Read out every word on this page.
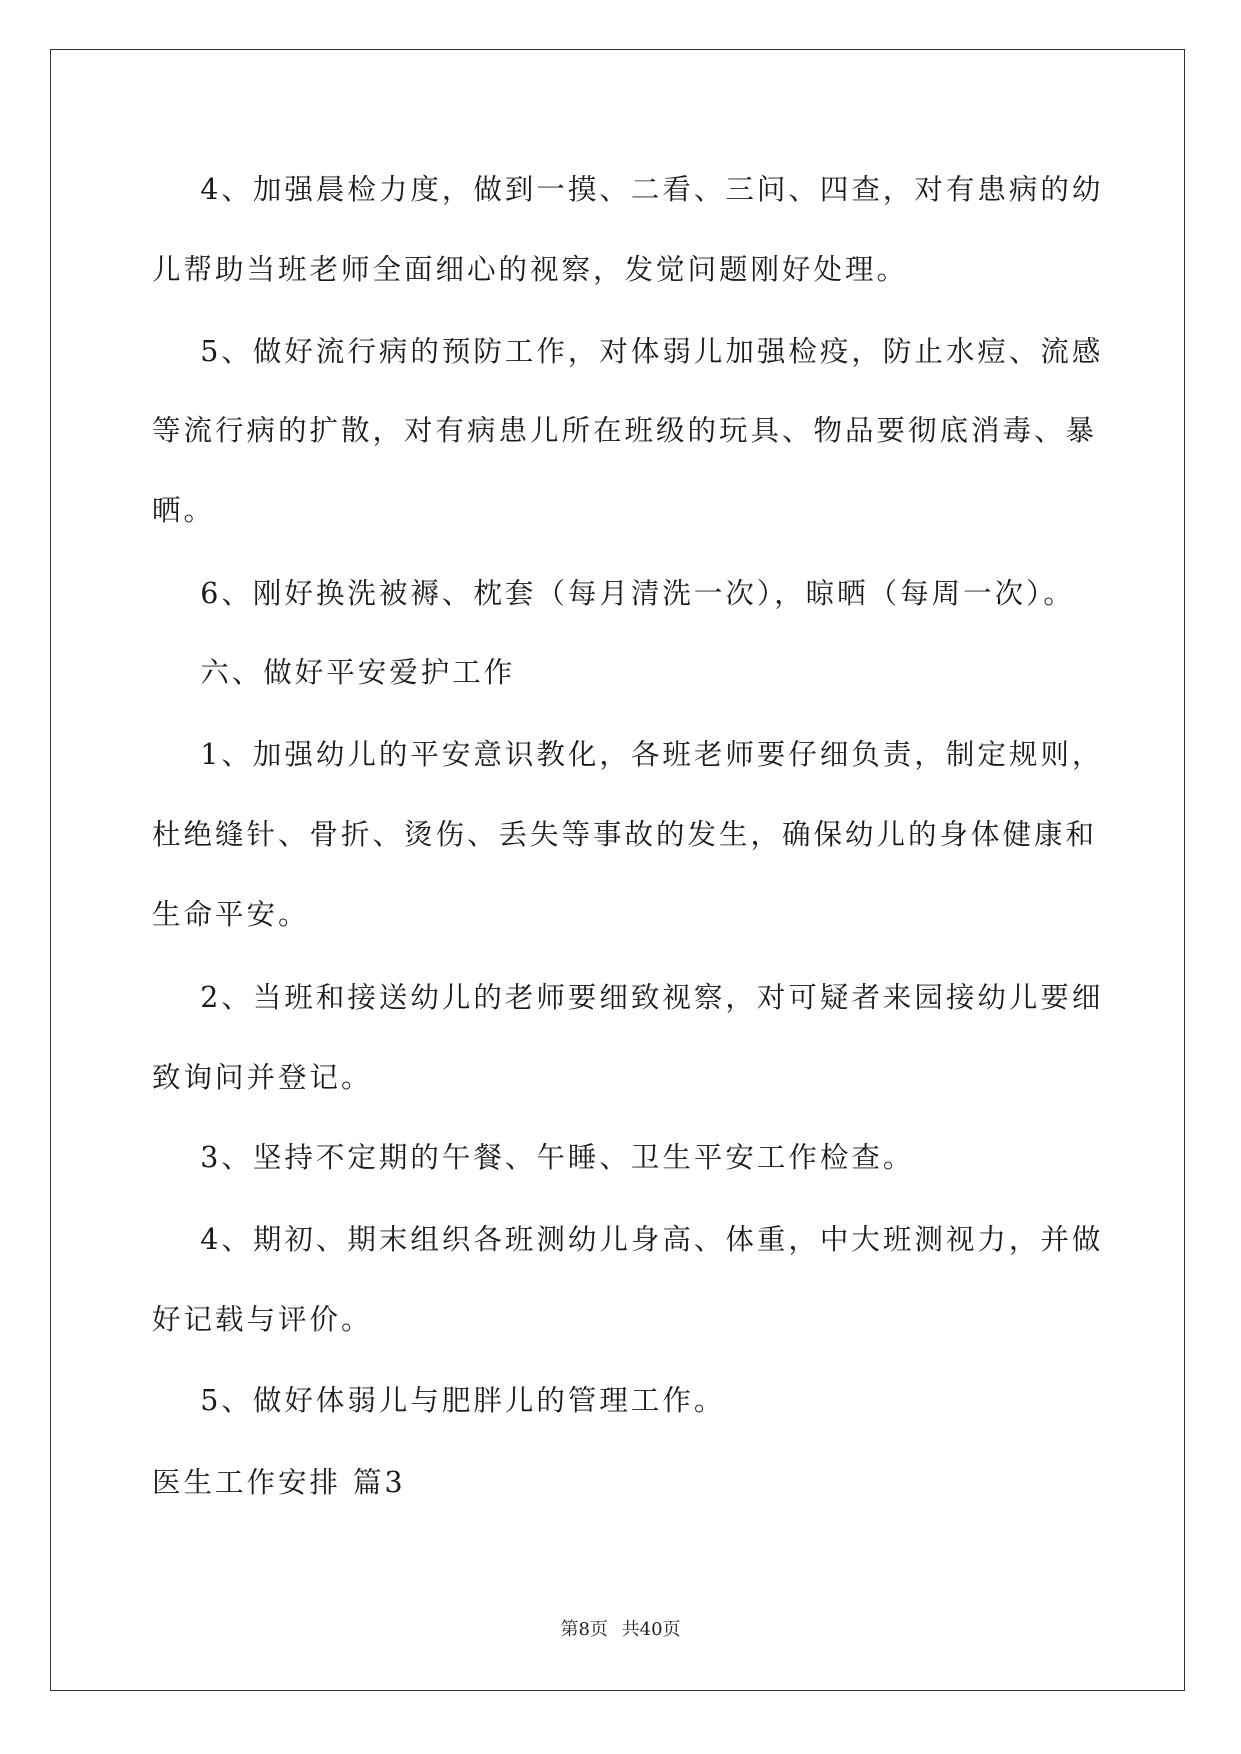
4、加强晨检力度，做到一摸、二看、三问、四查，对有患病的幼
儿帮助当班老师全面细心的视察，发觉问题刚好处理。
5、做好流行病的预防工作，对体弱儿加强检疫，防止水痘、流感
等流行病的扩散，对有病患儿所在班级的玩具、物品要彻底消毒、暴
晒。
6、刚好换洗被褥、枕套（每月清洗一次），晾晒（每周一次）。
六、做好平安爱护工作
1、加强幼儿的平安意识教化，各班老师要仔细负责，制定规则，
杜绝缝针、骨折、烫伤、丢失等事故的发生，确保幼儿的身体健康和
生命平安。
2、当班和接送幼儿的老师要细致视察，对可疑者来园接幼儿要细
致询问并登记。
3、坚持不定期的午餐、午睡、卫生平安工作检查。
4、期初、期末组织各班测幼儿身高、体重，中大班测视力，并做
好记载与评价。
5、做好体弱儿与肥胖儿的管理工作。
医生工作安排 篇3
第8页 共40页
